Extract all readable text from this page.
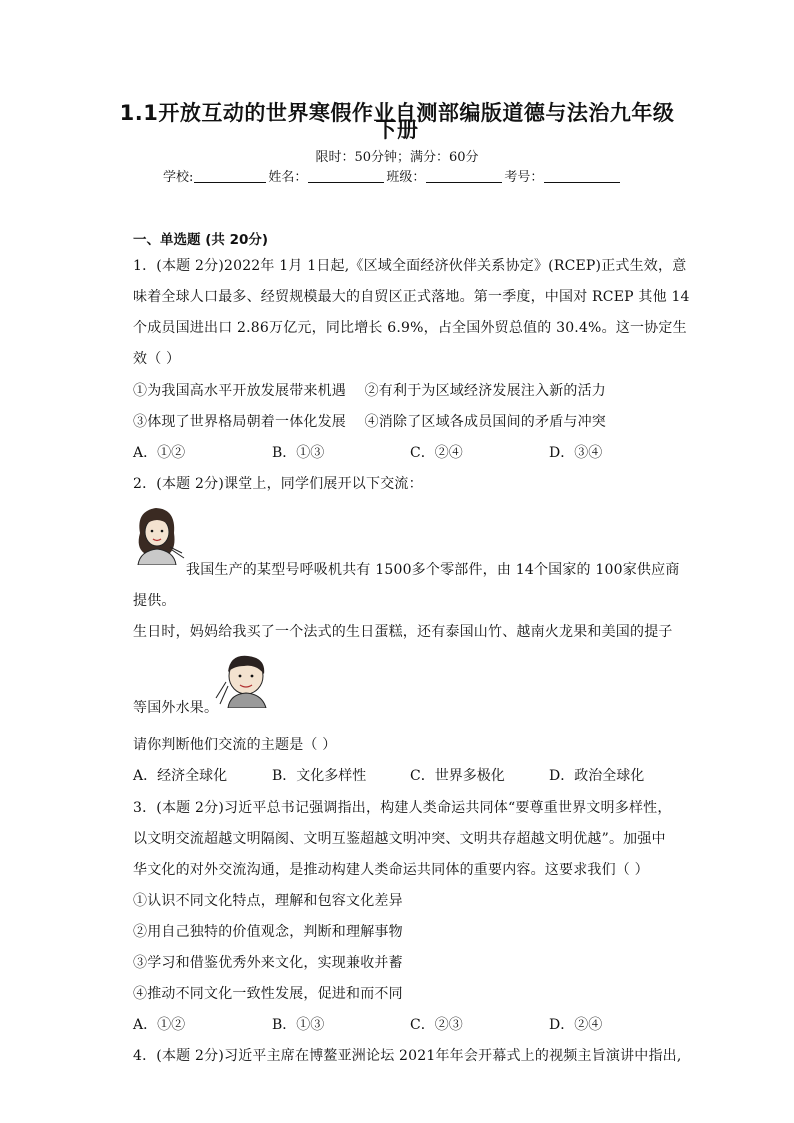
1.1开放互动的世界寒假作业自测部编版道德与法治九年级
下册
限时：50分钟；满分：60分
学校:	姓名：	班级：	考号：
一、单选题 (共 20分)
1．(本题 2分)2022年 1月 1日起,《区域全面经济伙伴关系协定》(RCEP)正式生效，意
味着全球人口最多、经贸规模最大的自贸区正式落地。第一季度，中国对 RCEP 其他 14
个成员国进出口 2.86万亿元，同比增长 6.9%，占全国外贸总值的 30.4%。这一协定生
效（ ）
①为我国高水平开放发展带来机遇    ②有利于为区域经济发展注入新的活力
③体现了世界格局朝着一体化发展    ④消除了区域各成员国间的矛盾与冲突
A．①②	B．①③	C．②④	D．③④
2．(本题 2分)课堂上，同学们展开以下交流：
我国生产的某型号呼吸机共有 1500多个零部件，由 14个国家的 100家供应商
提供。
生日时，妈妈给我买了一个法式的生日蛋糕，还有泰国山竹、越南火龙果和美国的提子
等国外水果。
请你判断他们交流的主题是（ ）
A．经济全球化	B．文化多样性	C．世界多极化	D．政治全球化
3．(本题 2分)习近平总书记强调指出，构建人类命运共同体“要尊重世界文明多样性，
以文明交流超越文明隔阂、文明互鉴超越文明冲突、文明共存超越文明优越”。加强中
华文化的对外交流沟通，是推动构建人类命运共同体的重要内容。这要求我们（ ）
①认识不同文化特点，理解和包容文化差异
②用自己独特的价值观念，判断和理解事物
③学习和借鉴优秀外来文化，实现兼收并蓄
④推动不同文化一致性发展，促进和而不同
A．①②	B．①③	C．②③	D．②④
4．(本题 2分)习近平主席在博鳌亚洲论坛 2021年年会开幕式上的视频主旨演讲中指出,
